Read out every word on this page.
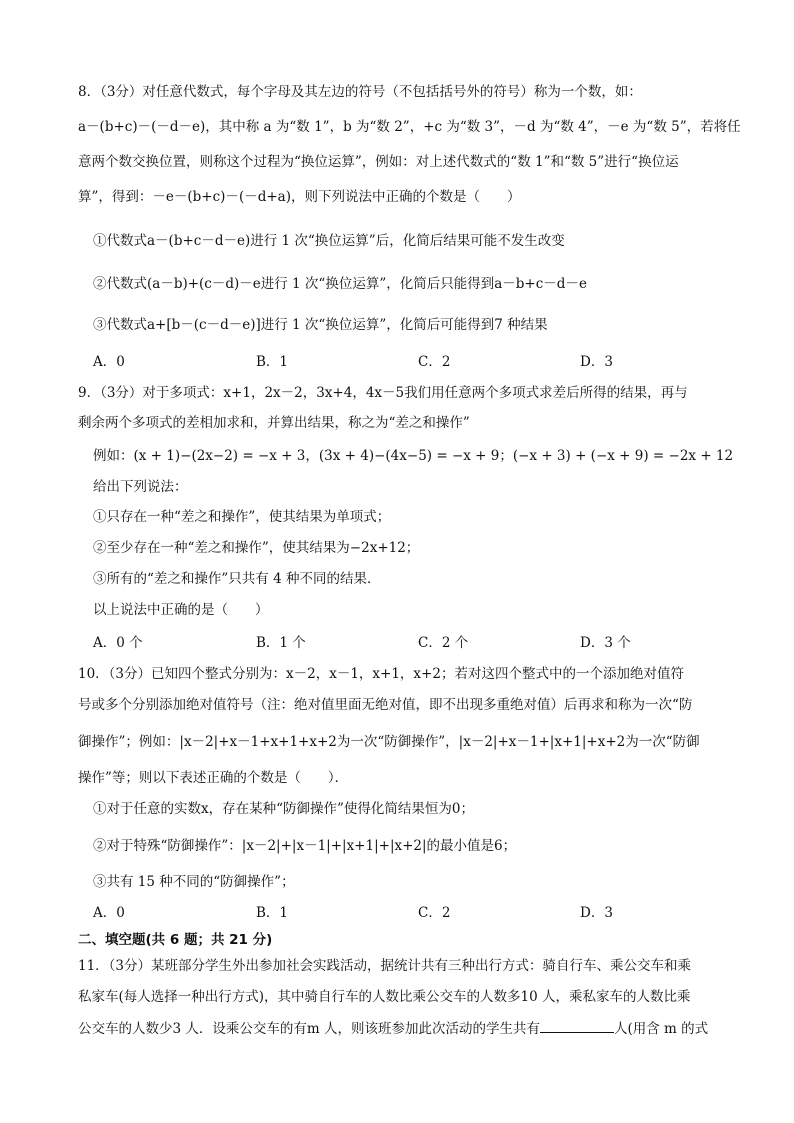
8．（3分）对任意代数式，每个字母及其左边的符号（不包括括号外的符号）称为一个数，如：
a－(b+c)－(－d－e)，其中称 a 为“数 1”，b 为“数 2”，+c 为“数 3”，－d 为“数 4”，－e 为“数 5”，若将任
意两个数交换位置，则称这个过程为“换位运算”，例如：对上述代数式的“数 1”和“数 5”进行“换位运
算”，得到：－e－(b+c)－(－d+a)，则下列说法中正确的个数是（　　）
①代数式a－(b+c－d－e)进行 1 次“换位运算”后，化简后结果可能不发生改变
②代数式(a－b)+(c－d)－e进行 1 次“换位运算”，化简后只能得到a－b+c－d－e
③代数式a+[b－(c－d－e)]进行 1 次“换位运算”，化简后可能得到7 种结果
A．0	B．1	C．2	D．3
9．（3分）对于多项式：x+1，2x－2，3x+4，4x－5我们用任意两个多项式求差后所得的结果，再与
剩余两个多项式的差相加求和，并算出结果，称之为“差之和操作”
例如：(x + 1)−(2x−2) = −x + 3，(3x + 4)−(4x−5) = −x + 9；(−x + 3) + (−x + 9) = −2x + 12
给出下列说法：
①只存在一种“差之和操作”，使其结果为单项式；
②至少存在一种“差之和操作”，使其结果为−2x+12；
③所有的“差之和操作”只共有 4 种不同的结果．
以上说法中正确的是（　　）
A．0 个	B．1 个	C．2 个	D．3 个
10．（3分）已知四个整式分别为：x－2，x－1，x+1，x+2；若对这四个整式中的一个添加绝对值符
号或多个分别添加绝对值符号（注：绝对值里面无绝对值，即不出现多重绝对值）后再求和称为一次“防
御操作”；例如：|x－2|+x－1+x+1+x+2为一次“防御操作”，|x－2|+x－1+|x+1|+x+2为一次“防御
操作”等；则以下表述正确的个数是（　　）．
①对于任意的实数x，存在某种“防御操作”使得化简结果恒为0；
②对于特殊“防御操作”：|x－2|+|x－1|+|x+1|+|x+2|的最小值是6；
③共有 15 种不同的“防御操作”；
A．0	B．1	C．2	D．3
二、填空题(共 6 题；共 21 分)
11．（3分）某班部分学生外出参加社会实践活动，据统计共有三种出行方式：骑自行车、乘公交车和乘
私家车(每人选择一种出行方式)，其中骑自行车的人数比乘公交车的人数多10 人，乘私家车的人数比乘
公交车的人数少3 人．设乘公交车的有m 人，则该班参加此次活动的学生共有	人(用含 m 的式
